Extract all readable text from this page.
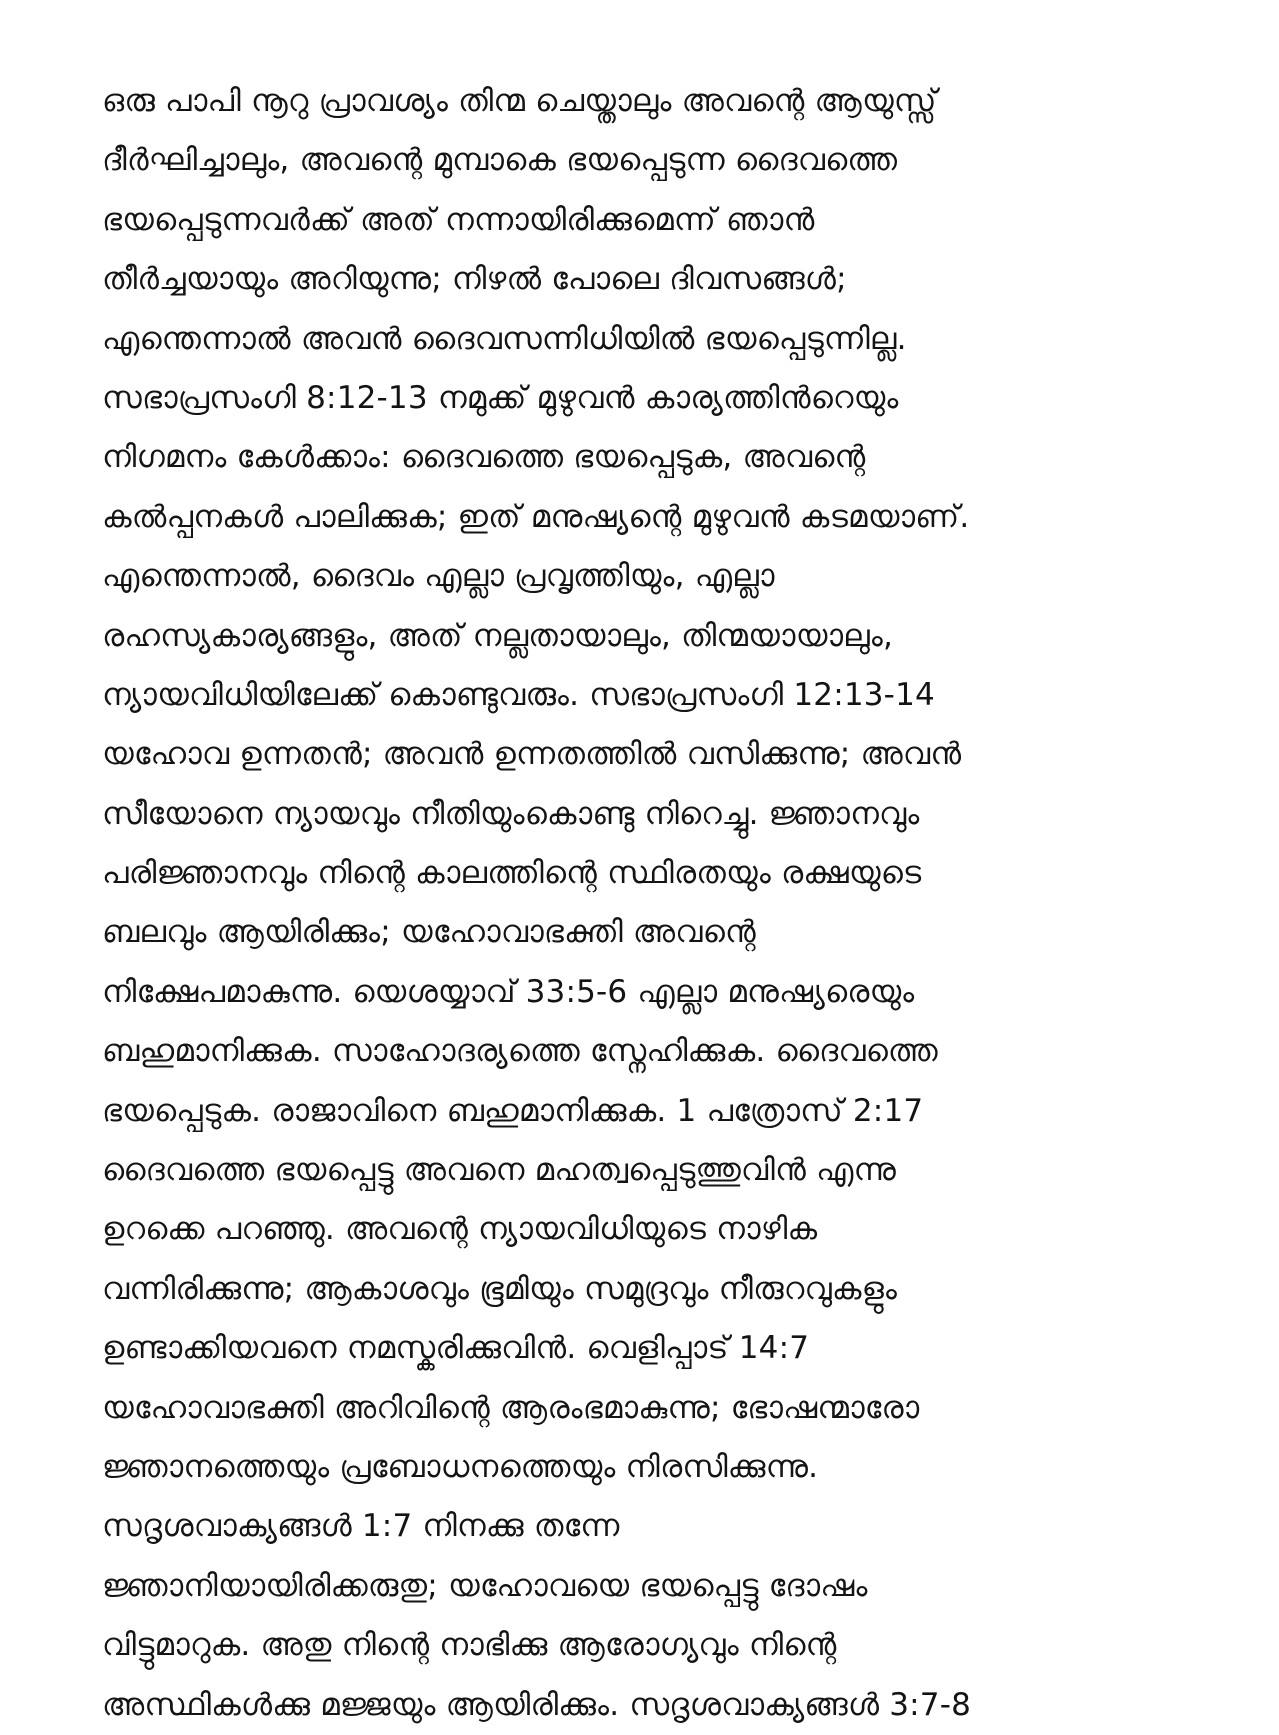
ഒരു പാപി നൂറു പ്രാവശ്യം തിന്മ ചെയ്താലും അവന്റെ ആയുസ്സ്
ദീർഘിച്ചാലും, അവന്റെ മുമ്പാകെ ഭയപ്പെടുന്ന ദൈവത്തെ
ഭയപ്പെടുന്നവർക്ക് അത് നന്നായിരിക്കുമെന്ന് ഞാൻ
തീർച്ചയായും അറിയുന്നു; നിഴൽ പോലെ ദിവസങ്ങൾ;
എന്തെന്നാൽ അവൻ ദൈവസന്നിധിയിൽ ഭയപ്പെടുന്നില്ല.
സഭാപ്രസംഗി 8:12-13 നമുക്ക് മുഴുവൻ കാര്യത്തിൻറെയും
നിഗമനം കേൾക്കാം: ദൈവത്തെ ഭയപ്പെടുക, അവന്റെ
കൽപ്പനകൾ പാലിക്കുക; ഇത് മനുഷ്യന്റെ മുഴുവൻ കടമയാണ്.
എന്തെന്നാൽ, ദൈവം എല്ലാ പ്രവൃത്തിയും, എല്ലാ
രഹസ്യകാര്യങ്ങളും, അത് നല്ലതായാലും, തിന്മയായാലും,
ന്യായവിധിയിലേക്ക് കൊണ്ടുവരും. സഭാപ്രസംഗി 12:13-14
യഹോവ ഉന്നതൻ; അവൻ ഉന്നതത്തിൽ വസിക്കുന്നു; അവൻ
സീയോനെ ന്യായവും നീതിയുംകൊണ്ടു നിറെച്ചു. ജ്ഞാനവും
പരിജ്ഞാനവും നിന്റെ കാലത്തിന്റെ സ്ഥിരതയും രക്ഷയുടെ
ബലവും ആയിരിക്കും; യഹോവാഭക്തി അവന്റെ
നിക്ഷേപമാകുന്നു. യെശയ്യാവ് 33:5-6 എല്ലാ മനുഷ്യരെയും
ബഹുമാനിക്കുക. സാഹോദര്യത്തെ സ്നേഹിക്കുക. ദൈവത്തെ
ഭയപ്പെടുക. രാജാവിനെ ബഹുമാനിക്കുക. 1 പത്രോസ് 2:17
ദൈവത്തെ ഭയപ്പെട്ടു അവനെ മഹത്വപ്പെടുത്തുവിൻ എന്നു
ഉറക്കെ പറഞ്ഞു. അവന്റെ ന്യായവിധിയുടെ നാഴിക
വന്നിരിക്കുന്നു; ആകാശവും ഭൂമിയും സമുദ്രവും നീരുറവുകളും
ഉണ്ടാക്കിയവനെ നമസ്കരിക്കുവിൻ. വെളിപ്പാട് 14:7
യഹോവാഭക്തി അറിവിന്റെ ആരംഭമാകുന്നു; ഭോഷന്മാരോ
ജ്ഞാനത്തെയും പ്രബോധനത്തെയും നിരസിക്കുന്നു.
സദൃശവാക്യങ്ങൾ 1:7 നിനക്കു തന്നേ
ജ്ഞാനിയായിരിക്കരുതു; യഹോവയെ ഭയപ്പെട്ടു ദോഷം
വിട്ടുമാറുക. അതു നിന്റെ നാഭിക്കു ആരോഗ്യവും നിന്റെ
അസ്ഥികൾക്കു മജ്ജയും ആയിരിക്കും. സദൃശവാക്യങ്ങൾ 3:7-8
